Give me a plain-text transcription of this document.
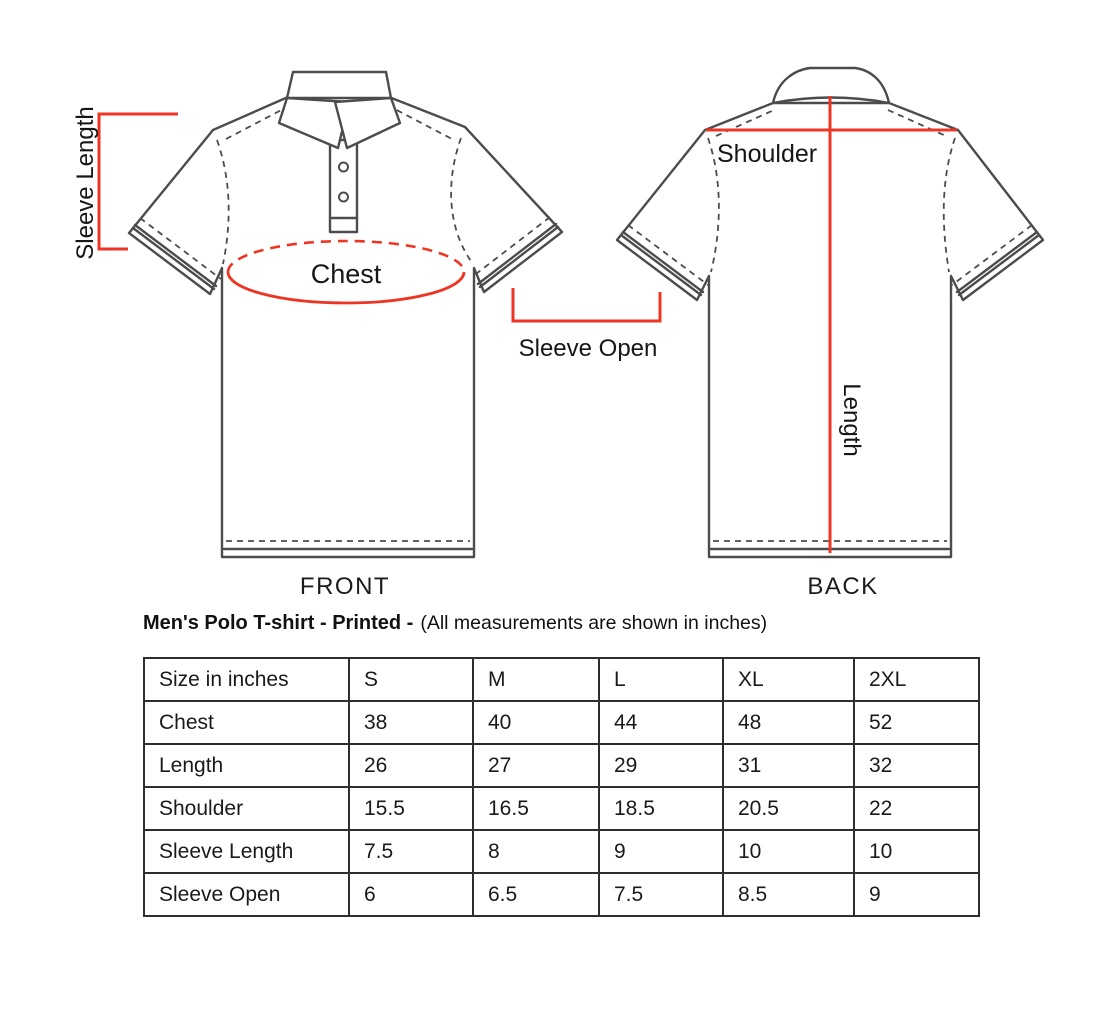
Chest
Sleeve Length
Sleeve Open
Shoulder
Length
FRONT	BACK
Men's Polo T-shirt - Printed - (All measurements are shown in inches)
Size in inches	S	M	L	XL	2XL
Chest	38	40	44	48	52
Length	26	27	29	31	32
Shoulder	15.5	16.5	18.5	20.5	22
Sleeve Length	7.5	8	9	10	10
Sleeve Open	6	6.5	7.5	8.5	9
